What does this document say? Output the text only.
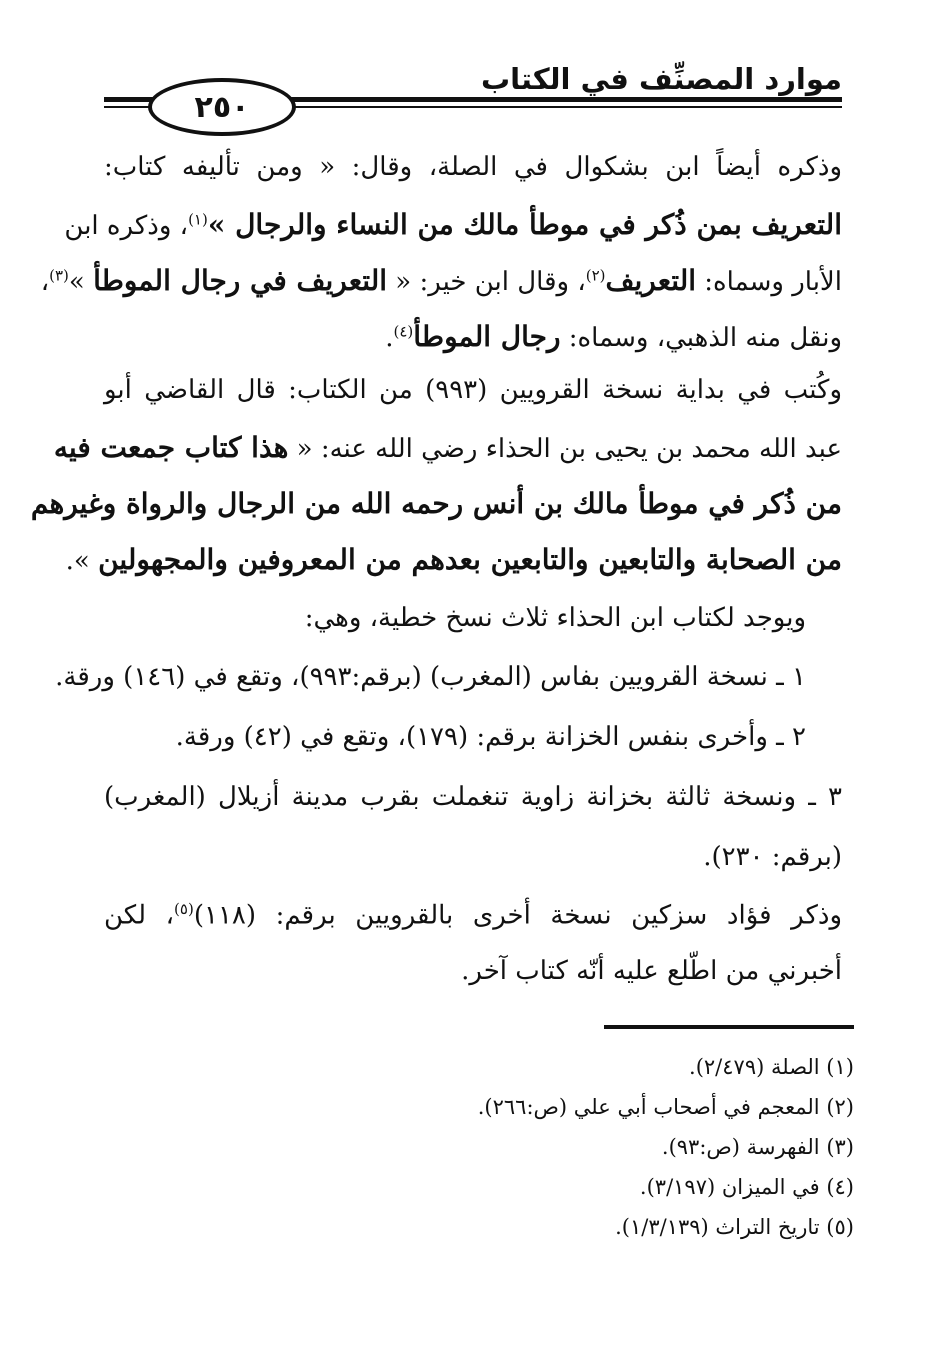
موارد المصنِّف في الكتاب
٢٥٠
وذكره أيضاً ابن بشكوال في الصلة، وقال: « ومن تأليفه كتاب:
التعريف بمن ذُكر في موطأ مالك من النساء والرجال »$^{(١)}$، وذكره ابن
الأبار وسماه: التعريف$^{(٢)}$، وقال ابن خير: « التعريف في رجال الموطأ »$^{(٣)}$،
ونقل منه الذهبي، وسماه: رجال الموطأ$^{(٤)}$.
وكُتب في بداية نسخة القرويين (٩٩٣) من الكتاب: قال القاضي أبو
عبد الله محمد بن يحيى بن الحذاء رضي الله عنه: « هذا كتاب جمعت فيه
من ذُكر في موطأ مالك بن أنس رحمه الله من الرجال والرواة وغيرهم
من الصحابة والتابعين والتابعين بعدهم من المعروفين والمجهولين ».
ويوجد لكتاب ابن الحذاء ثلاث نسخ خطية، وهي:
١ ـ نسخة القرويين بفاس (المغرب) (برقم:٩٩٣)، وتقع في (١٤٦) ورقة.
٢ ـ وأخرى بنفس الخزانة برقم: (١٧٩)، وتقع في (٤٢) ورقة.
٣ ـ ونسخة ثالثة بخزانة زاوية تنغملت بقرب مدينة أزيلال (المغرب)
(برقم: ٢٣٠).
وذكر فؤاد سزكين نسخة أخرى بالقرويين برقم: (١١٨)$^{(٥)}$، لكن
أخبرني من اطّلع عليه أنّه كتاب آخر.
(١) الصلة (٢/٤٧٩).
(٢) المعجم في أصحاب أبي علي (ص:٢٦٦).
(٣) الفهرسة (ص:٩٣).
(٤) في الميزان (٣/١٩٧).
(٥) تاريخ التراث (١/٣/١٣٩).
